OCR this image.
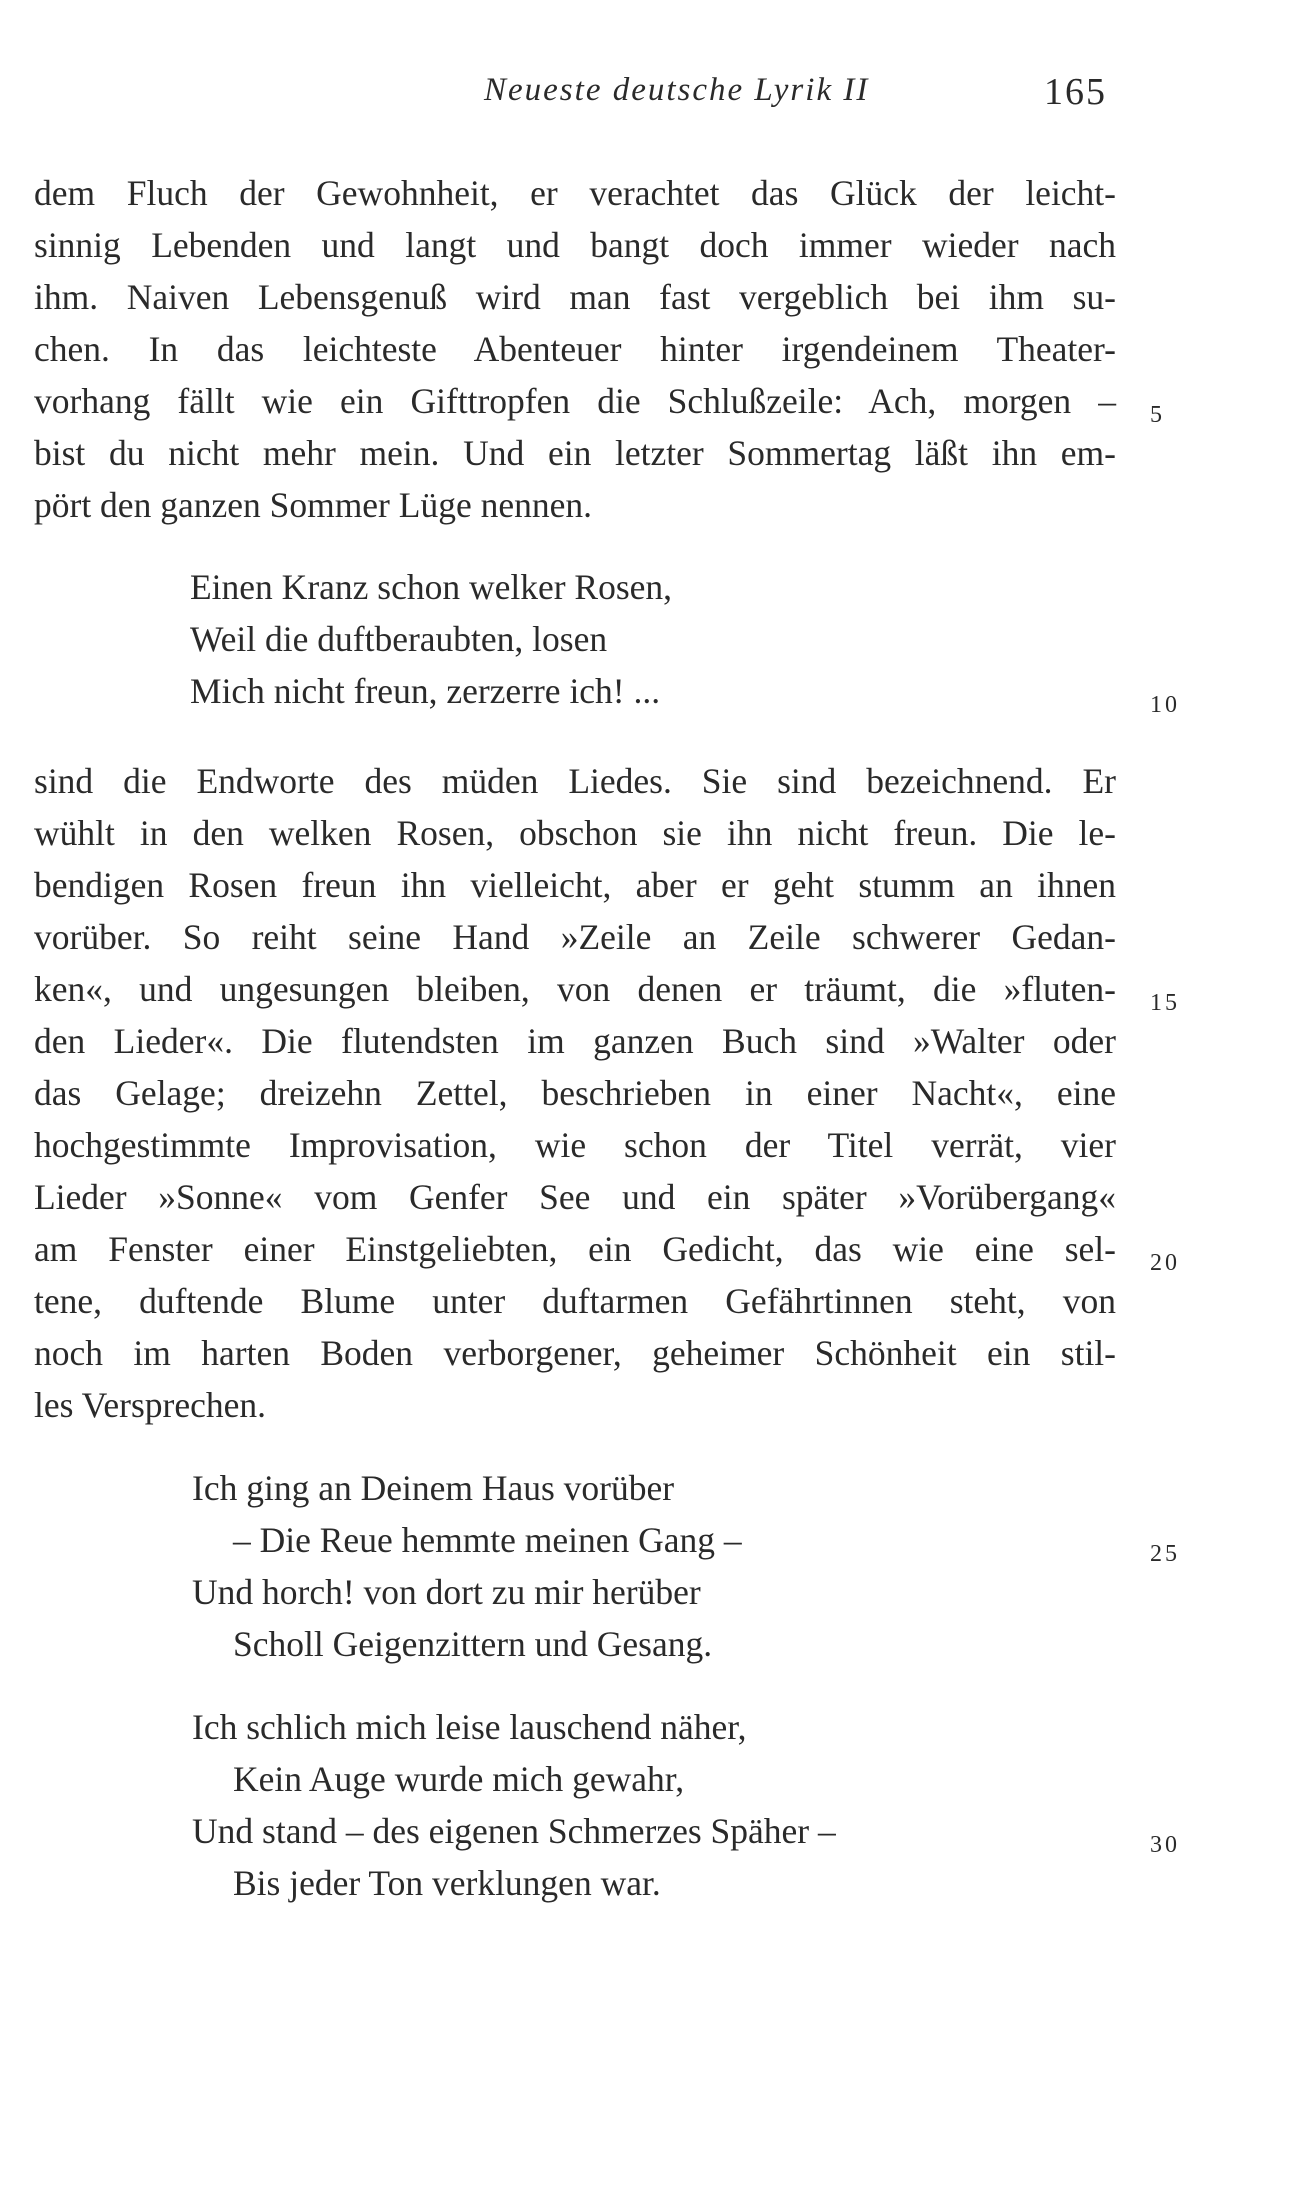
Neueste deutsche Lyrik II	165
dem Fluch der Gewohnheit, er verachtet das Glück der leicht-
sinnig Lebenden und langt und bangt doch immer wieder nach
ihm. Naiven Lebensgenuß wird man fast vergeblich bei ihm su-
chen. In das leichteste Abenteuer hinter irgendeinem Theater-
vorhang fällt wie ein Gifttropfen die Schlußzeile: Ach, morgen –
bist du nicht mehr mein. Und ein letzter Sommertag läßt ihn em-
pört den ganzen Sommer Lüge nennen.
Einen Kranz schon welker Rosen,
Weil die duftberaubten, losen
Mich nicht freun, zerzerre ich! ...
sind die Endworte des müden Liedes. Sie sind bezeichnend. Er
wühlt in den welken Rosen, obschon sie ihn nicht freun. Die le-
bendigen Rosen freun ihn vielleicht, aber er geht stumm an ihnen
vorüber. So reiht seine Hand »Zeile an Zeile schwerer Gedan-
ken«, und ungesungen bleiben, von denen er träumt, die »fluten-
den Lieder«. Die flutendsten im ganzen Buch sind »Walter oder
das Gelage; dreizehn Zettel, beschrieben in einer Nacht«, eine
hochgestimmte Improvisation, wie schon der Titel verrät, vier
Lieder »Sonne« vom Genfer See und ein später »Vorübergang«
am Fenster einer Einstgeliebten, ein Gedicht, das wie eine sel-
tene, duftende Blume unter duftarmen Gefährtinnen steht, von
noch im harten Boden verborgener, geheimer Schönheit ein stil-
les Versprechen.
Ich ging an Deinem Haus vorüber
– Die Reue hemmte meinen Gang –
Und horch! von dort zu mir herüber
Scholl Geigenzittern und Gesang.
Ich schlich mich leise lauschend näher,
Kein Auge wurde mich gewahr,
Und stand – des eigenen Schmerzes Späher –
Bis jeder Ton verklungen war.
5
10
15
20
25
30
